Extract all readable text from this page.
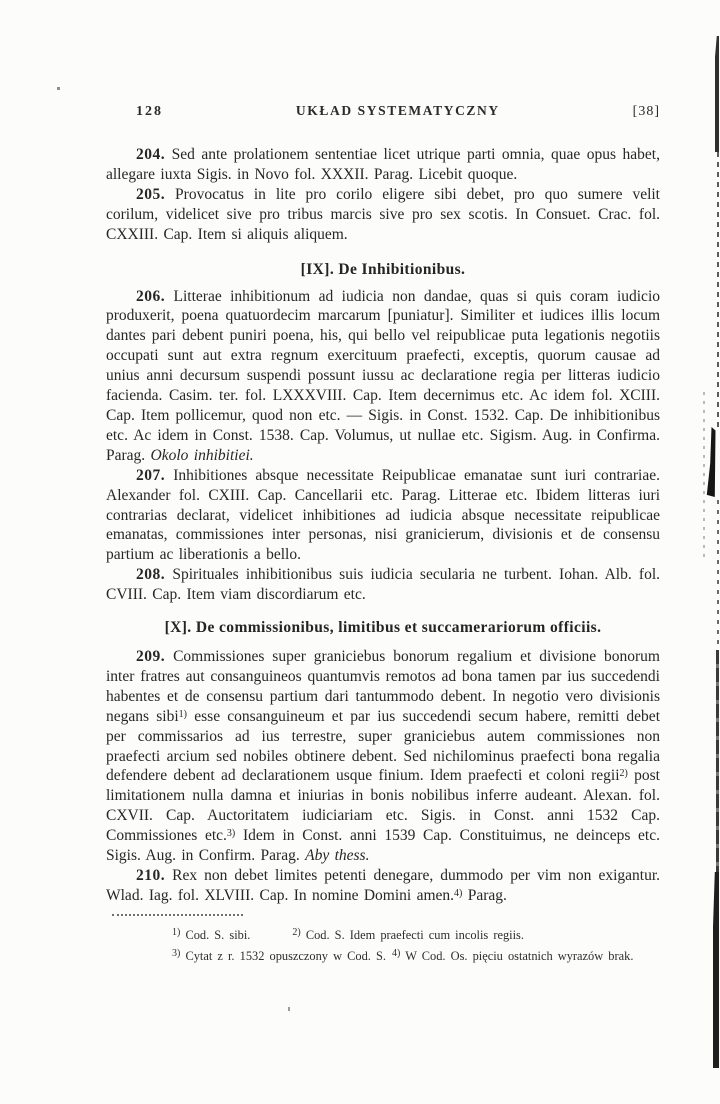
128	UKŁAD SYSTEMATYCZNY	[38]

204. Sed ante prolationem sententiae licet utrique parti omnia, quae opus habet, allegare iuxta Sigis. in Novo fol. XXXII. Parag. Licebit quoque.

205. Provocatus in lite pro corilo eligere sibi debet, pro quo sumere velit corilum, videlicet sive pro tribus marcis sive pro sex scotis. In Consuet. Crac. fol. CXXIII. Cap. Item si aliquis aliquem.

[IX]. De Inhibitionibus.

206. Litterae inhibitionum ad iudicia non dandae, quas si quis coram iudicio produxerit, poena quatuordecim marcarum [puniatur]. Similiter et iudices illis locum dantes pari debent puniri poena, his, qui bello vel reipublicae puta legationis negotiis occupati sunt aut extra regnum exercituum praefecti, exceptis, quorum causae ad unius anni decursum suspendi possunt iussu ac declaratione regia per litteras iudicio facienda. Casim. ter. fol. LXXXVIII. Cap. Item decernimus etc. Ac idem fol. XCIII. Cap. Item pollicemur, quod non etc. — Sigis. in Const. 1532. Cap. De inhibitionibus etc. Ac idem in Const. 1538. Cap. Volumus, ut nullae etc. Sigism. Aug. in Confirma. Parag. Okolo inhibitiei.

207. Inhibitiones absque necessitate Reipublicae emanatae sunt iuri contrariae. Alexander fol. CXIII. Cap. Cancellarii etc. Parag. Litterae etc. Ibidem litteras iuri contrarias declarat, videlicet inhibitiones ad iudicia absque necessitate reipublicae emanatas, commissiones inter personas, nisi granicierum, divisionis et de consensu partium ac liberationis a bello.

208. Spirituales inhibitionibus suis iudicia secularia ne turbent. Iohan. Alb. fol. CVIII. Cap. Item viam discordiarum etc.

[X]. De commissionibus, limitibus et succamerariorum officiis.

209. Commissiones super graniciebus bonorum regalium et divisione bonorum inter fratres aut consanguineos quantumvis remotos ad bona tamen par ius succedendi habentes et de consensu partium dari tantummodo debent. In negotio vero divisionis negans sibi$^{1)}$ esse consanguineum et par ius succedendi secum habere, remitti debet per commissarios ad ius terrestre, super graniciebus autem commissiones non praefecti arcium sed nobiles obtinere debent. Sed nichilominus praefecti bona regalia defendere debent ad declarationem usque finium. Idem praefecti et coloni regii$^{2)}$ post limitationem nulla damna et iniurias in bonis nobilibus inferre audeant. Alexan. fol. CXVII. Cap. Auctoritatem iudiciariam etc. Sigis. in Const. anni 1532 Cap. Commissiones etc.$^{3)}$ Idem in Const. anni 1539 Cap. Constituimus, ne deinceps etc. Sigis. Aug. in Confirm. Parag. Aby thess.

210. Rex non debet limites petenti denegare, dummodo per vim non exigantur. Wlad. Iag. fol. XLVIII. Cap. In nomine Domini amen.$^{4)}$ Parag.

$^{1)}$ Cod. S. sibi.	$^{2)}$ Cod. S. Idem praefecti cum incolis regiis.
$^{3)}$ Cytat z r. 1532 opuszczony w Cod. S. $^{4)}$ W Cod. Os. pięciu ostatnich wyrazów brak.
